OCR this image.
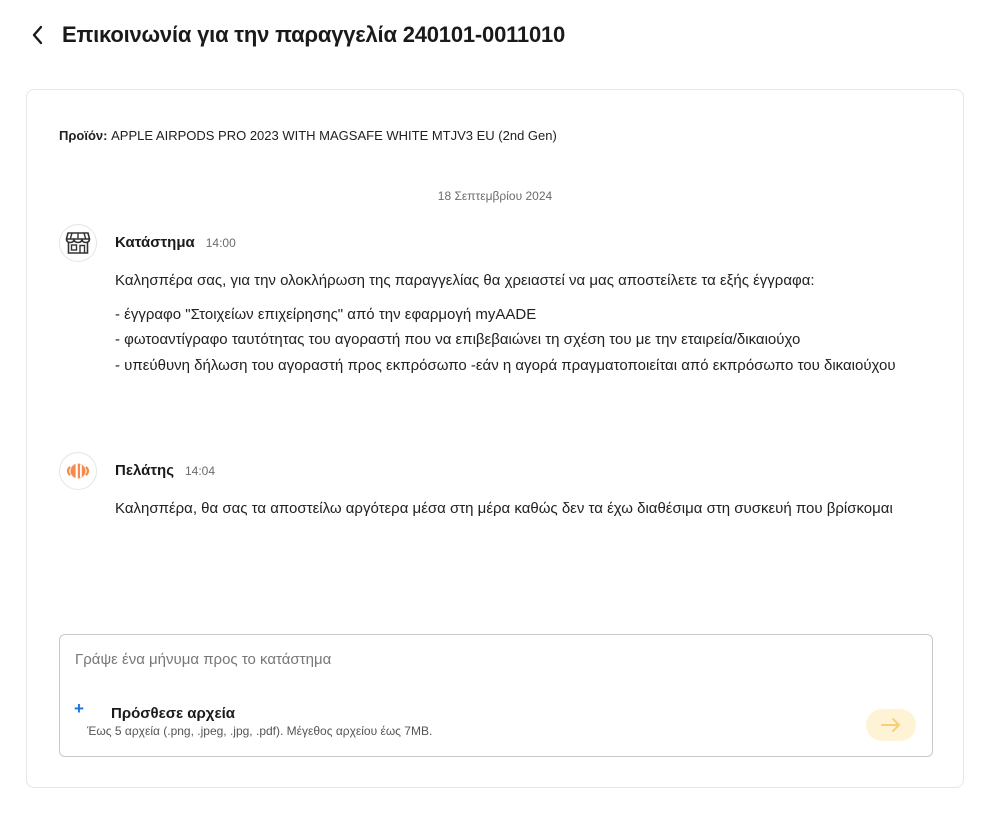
Επικοινωνία για την παραγγελία 240101-0011010
Προϊόν: APPLE AIRPODS PRO 2023 WITH MAGSAFE WHITE MTJV3 EU (2nd Gen)
18 Σεπτεμβρίου 2024
Κατάστημα 14:00

Καλησπέρα σας, για την ολοκλήρωση της παραγγελίας θα χρειαστεί να μας αποστείλετε τα εξής έγγραφα:

- έγγραφο "Στοιχείων επιχείρησης" από την εφαρμογή myAADE

- φωτοαντίγραφο ταυτότητας του αγοραστή που να επιβεβαιώνει τη σχέση του με την εταιρεία/δικαιούχο

- υπεύθυνη δήλωση του αγοραστή προς εκπρόσωπο -εάν η αγορά πραγματοποιείται από εκπρόσωπο του δικαιούχου

Πελάτης 14:04

Καλησπέρα, θα σας τα αποστείλω αργότερα μέσα στη μέρα καθώς δεν τα έχω διαθέσιμα στη συσκευή που βρίσκομαι

Γράψε ένα μήνυμα προς το κατάστημα
+	Πρόσθεσε αρχεία
Έως 5 αρχεία (.png, .jpeg, .jpg, .pdf). Μέγεθος αρχείου έως 7MB.
